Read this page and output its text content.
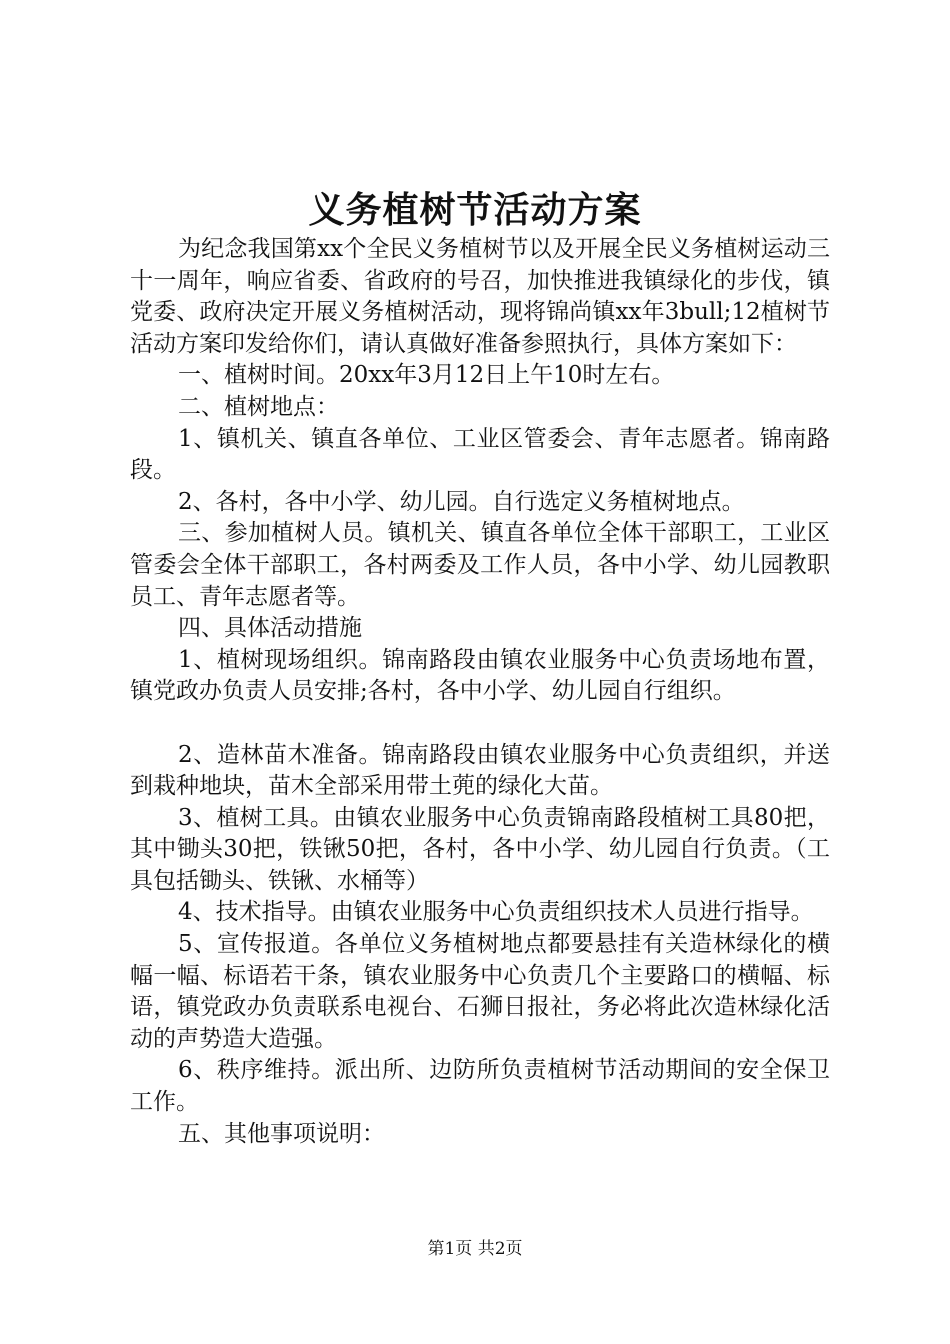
义务植树节活动方案

为纪念我国第xx个全民义务植树节以及开展全民义务植树运动三十一周年，响应省委、省政府的号召，加快推进我镇绿化的步伐，镇党委、政府决定开展义务植树活动，现将锦尚镇xx年3bull;12植树节活动方案印发给你们，请认真做好准备参照执行，具体方案如下：

一、植树时间。20xx年3月12日上午10时左右。

二、植树地点：

1、镇机关、镇直各单位、工业区管委会、青年志愿者。锦南路段。

2、各村，各中小学、幼儿园。自行选定义务植树地点。

三、参加植树人员。镇机关、镇直各单位全体干部职工，工业区管委会全体干部职工，各村两委及工作人员，各中小学、幼儿园教职员工、青年志愿者等。

四、具体活动措施

1、植树现场组织。锦南路段由镇农业服务中心负责场地布置，镇党政办负责人员安排;各村，各中小学、幼儿园自行组织。

2、造林苗木准备。锦南路段由镇农业服务中心负责组织，并送到栽种地块，苗木全部采用带土蔸的绿化大苗。

3、植树工具。由镇农业服务中心负责锦南路段植树工具80把，其中锄头30把，铁锹50把，各村，各中小学、幼儿园自行负责。（工具包括锄头、铁锹、水桶等）

4、技术指导。由镇农业服务中心负责组织技术人员进行指导。

5、宣传报道。各单位义务植树地点都要悬挂有关造林绿化的横幅一幅、标语若干条，镇农业服务中心负责几个主要路口的横幅、标语，镇党政办负责联系电视台、石狮日报社，务必将此次造林绿化活动的声势造大造强。

6、秩序维持。派出所、边防所负责植树节活动期间的安全保卫工作。

五、其他事项说明：

第1页 共2页
